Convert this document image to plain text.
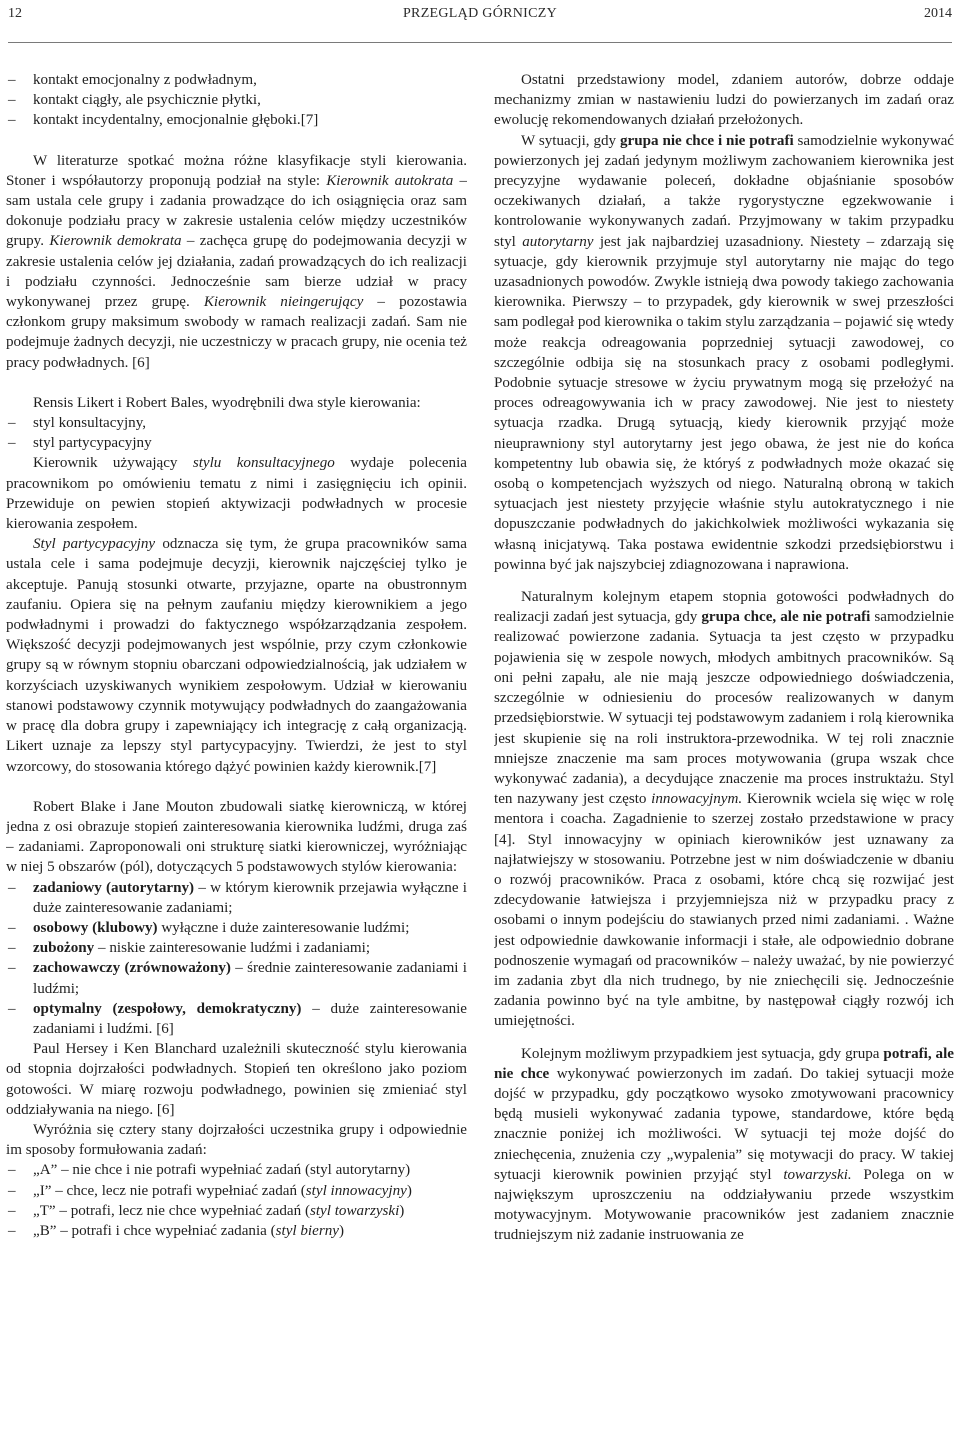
12	PRZEGLĄD GÓRNICZY	2014

– kontakt emocjonalny z podwładnym,

– kontakt ciągły, ale psychicznie płytki,

– kontakt incydentalny, emocjonalnie głęboki.[7]

W literaturze spotkać można różne klasyfikacje styli kierowania. Stoner i współautorzy proponują podział na style: Kierownik autokrata – sam ustala cele grupy i zadania prowadzące do ich osiągnięcia oraz sam dokonuje podziału pracy w zakresie ustalenia celów między uczestników grupy. Kierownik demokrata – zachęca grupę do podejmowania decyzji w zakresie ustalenia celów jej działania, zadań prowadzących do ich realizacji i podziału czynności. Jednocześnie sam bierze udział w pracy wykonywanej przez grupę. Kierownik nieingerujący – pozostawia członkom grupy maksimum swobody w ramach realizacji zadań. Sam nie podejmuje żadnych decyzji, nie uczestniczy w pracach grupy, nie ocenia też pracy podwładnych. [6]

Rensis Likert i Robert Bales, wyodrębnili dwa style kierowania:

– styl konsultacyjny,

– styl partycypacyjny

Kierownik używający stylu konsultacyjnego wydaje polecenia pracownikom po omówieniu tematu z nimi i zasięgnięciu ich opinii. Przewiduje on pewien stopień aktywizacji podwładnych w procesie kierowania zespołem.

Styl partycypacyjny odznacza się tym, że grupa pracowników sama ustala cele i sama podejmuje decyzji, kierownik najczęściej tylko je akceptuje. Panują stosunki otwarte, przyjazne, oparte na obustronnym zaufaniu. Opiera się na pełnym zaufaniu między kierownikiem a jego podwładnymi i prowadzi do faktycznego współzarządzania zespołem. Większość decyzji podejmowanych jest wspólnie, przy czym członkowie grupy są w równym stopniu obarczani odpowiedzialnością, jak udziałem w korzyściach uzyskiwanych wynikiem zespołowym. Udział w kierowaniu stanowi podstawowy czynnik motywujący podwładnych do zaangażowania w pracę dla dobra grupy i zapewniający ich integrację z całą organizacją. Likert uznaje za lepszy styl partycypacyjny. Twierdzi, że jest to styl wzorcowy, do stosowania którego dążyć powinien każdy kierownik.[7]

Robert Blake i Jane Mouton zbudowali siatkę kierowniczą, w której jedna z osi obrazuje stopień zainteresowania kierownika ludźmi, druga zaś – zadaniami. Zaproponowali oni strukturę siatki kierowniczej, wyróżniając w niej 5 obszarów (pól), dotyczących 5 podstawowych stylów kierowania:

– zadaniowy (autorytarny) – w którym kierownik przejawia wyłączne i duże zainteresowanie zadaniami;

– osobowy (klubowy) wyłączne i duże zainteresowanie ludźmi;

– zubożony – niskie zainteresowanie ludźmi i zadaniami;

– zachowawczy (zrównoważony) – średnie zainteresowanie zadaniami i ludźmi;

– optymalny (zespołowy, demokratyczny) – duże zainteresowanie zadaniami i ludźmi. [6]

Paul Hersey i Ken Blanchard uzależnili skuteczność stylu kierowania od stopnia dojrzałości podwładnych. Stopień ten określono jako poziom gotowości. W miarę rozwoju podwładnego, powinien się zmieniać styl oddziaływania na niego. [6]

Wyróżnia się cztery stany dojrzałości uczestnika grupy i odpowiednie im sposoby formułowania zadań:

– „A” – nie chce i nie potrafi wypełniać zadań (styl autorytarny)

– „I” – chce, lecz nie potrafi wypełniać zadań (styl innowacyjny)

– „T” – potrafi, lecz nie chce wypełniać zadań (styl towarzyski)

– „B” – potrafi i chce wypełniać zadania (styl bierny)

Ostatni przedstawiony model, zdaniem autorów, dobrze oddaje mechanizmy zmian w nastawieniu ludzi do powierzanych im zadań oraz ewolucję rekomendowanych działań przełożonych.

W sytuacji, gdy grupa nie chce i nie potrafi samodzielnie wykonywać powierzonych jej zadań jedynym możliwym zachowaniem kierownika jest precyzyjne wydawanie poleceń, dokładne objaśnianie sposobów oczekiwanych działań, a także rygorystyczne egzekwowanie i kontrolowanie wykonywanych zadań. Przyjmowany w takim przypadku styl autorytarny jest jak najbardziej uzasadniony. Niestety – zdarzają się sytuacje, gdy kierownik przyjmuje styl autorytarny nie mając do tego uzasadnionych powodów. Zwykle istnieją dwa powody takiego zachowania kierownika. Pierwszy – to przypadek, gdy kierownik w swej przeszłości sam podlegał pod kierownika o takim stylu zarządzania – pojawić się wtedy może reakcja odreagowania poprzedniej sytuacji zawodowej, co szczególnie odbija się na stosunkach pracy z osobami podległymi. Podobnie sytuacje stresowe w życiu prywatnym mogą się przełożyć na proces odreagowywania ich w pracy zawodowej. Nie jest to niestety sytuacja rzadka. Drugą sytuacją, kiedy kierownik przyjąć może nieuprawniony styl autorytarny jest jego obawa, że jest nie do końca kompetentny lub obawia się, że któryś z podwładnych może okazać się osobą o kompetencjach wyższych od niego. Naturalną obroną w takich sytuacjach jest niestety przyjęcie właśnie stylu autokratycznego i nie dopuszczanie podwładnych do jakichkolwiek możliwości wykazania się własną inicjatywą. Taka postawa ewidentnie szkodzi przedsiębiorstwu i powinna być jak najszybciej zdiagnozowana i naprawiona.

Naturalnym kolejnym etapem stopnia gotowości podwładnych do realizacji zadań jest sytuacja, gdy grupa chce, ale nie potrafi samodzielnie realizować powierzone zadania. Sytuacja ta jest często w przypadku pojawienia się w zespole nowych, młodych ambitnych pracowników. Są oni pełni zapału, ale nie mają jeszcze odpowiedniego doświadczenia, szczególnie w odniesieniu do procesów realizowanych w danym przedsiębiorstwie. W sytuacji tej podstawowym zadaniem i rolą kierownika jest skupienie się na roli instruktora-przewodnika. W tej roli znacznie mniejsze znaczenie ma sam proces motywowania (grupa wszak chce wykonywać zadania), a decydujące znaczenie ma proces instruktażu. Styl ten nazywany jest często innowacyjnym. Kierownik wciela się więc w rolę mentora i coacha. Zagadnienie to szerzej zostało przedstawione w pracy [4]. Styl innowacyjny w opiniach kierowników jest uznawany za najłatwiejszy w stosowaniu. Potrzebne jest w nim doświadczenie w dbaniu o rozwój pracowników. Praca z osobami, które chcą się rozwijać jest zdecydowanie łatwiejsza i przyjemniejsza niż w przypadku pracy z osobami o innym podejściu do stawianych przed nimi zadaniami. . Ważne jest odpowiednie dawkowanie informacji i stałe, ale odpowiednio dobrane podnoszenie wymagań od pracowników – należy uważać, by nie powierzyć im zadania zbyt dla nich trudnego, by nie zniechęcili się. Jednocześnie zadania powinno być na tyle ambitne, by następował ciągły rozwój ich umiejętności.

Kolejnym możliwym przypadkiem jest sytuacja, gdy grupa potrafi, ale nie chce wykonywać powierzonych im zadań. Do takiej sytuacji może dojść w przypadku, gdy początkowo wysoko zmotywowani pracownicy będą musieli wykonywać zadania typowe, standardowe, które będą znacznie poniżej ich możliwości. W sytuacji tej może dojść do zniechęcenia, znużenia czy „wypalenia” się motywacji do pracy. W takiej sytuacji kierownik powinien przyjąć styl towarzyski. Polega on w największym uproszczeniu na oddziaływaniu przede wszystkim motywacyjnym. Motywowanie pracowników jest zadaniem znacznie trudniejszym niż zadanie instruowania ze
